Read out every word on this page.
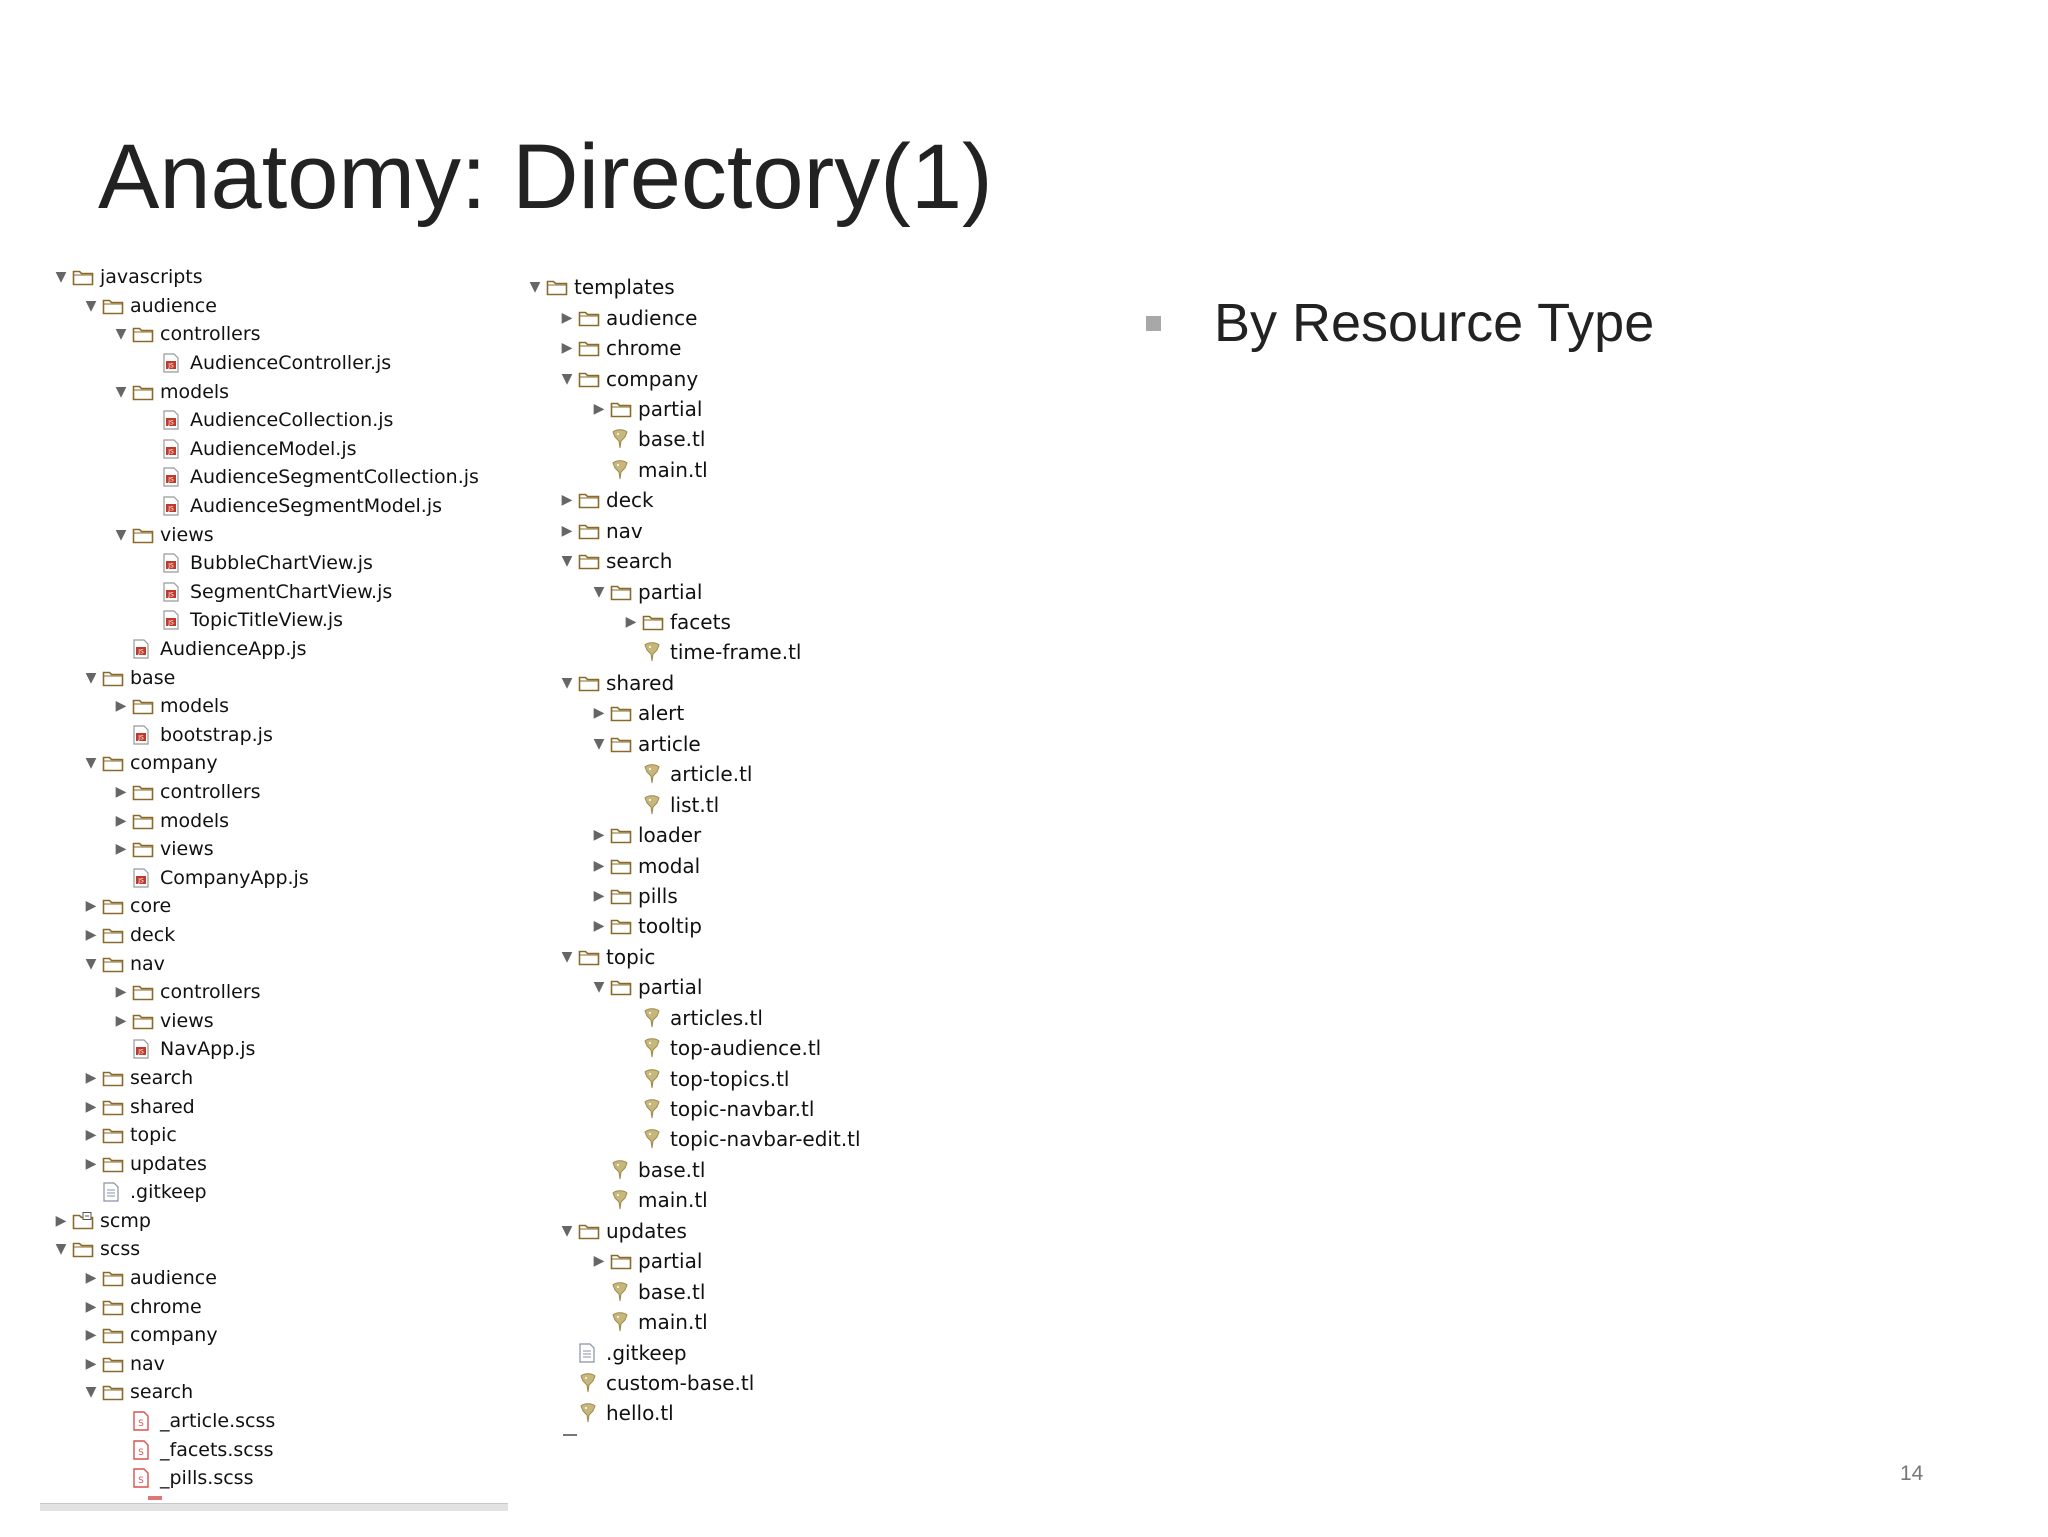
Anatomy: Directory(1)
▼ javascripts
▼ audience
▼ controllers
JS AudienceController.js
▼ models
JS AudienceCollection.js
JS AudienceModel.js
JS AudienceSegmentCollection.js
JS AudienceSegmentModel.js
▼ views
JS BubbleChartView.js
JS SegmentChartView.js
JS TopicTitleView.js
JS AudienceApp.js
▼ base
▶ models
JS bootstrap.js
▼ company
▶ controllers
▶ models
▶ views
JS CompanyApp.js
▶ core
▶ deck
▼ nav
▶ controllers
▶ views
JS NavApp.js
▶ search
▶ shared
▶ topic
▶ updates
.gitkeep
▶ scmp
▼ scss
▶ audience
▶ chrome
▶ company
▶ nav
▼ search
S _article.scss
S _facets.scss
S _pills.scss
▼ templates
▶ audience
▶ chrome
▼ company
▶ partial
base.tl
main.tl
▶ deck
▶ nav
▼ search
▼ partial
▶ facets
time-frame.tl
▼ shared
▶ alert
▼ article
article.tl
list.tl
▶ loader
▶ modal
▶ pills
▶ tooltip
▼ topic
▼ partial
articles.tl
top-audience.tl
top-topics.tl
topic-navbar.tl
topic-navbar-edit.tl
base.tl
main.tl
▼ updates
▶ partial
base.tl
main.tl
.gitkeep
custom-base.tl
hello.tl
By Resource Type
14
